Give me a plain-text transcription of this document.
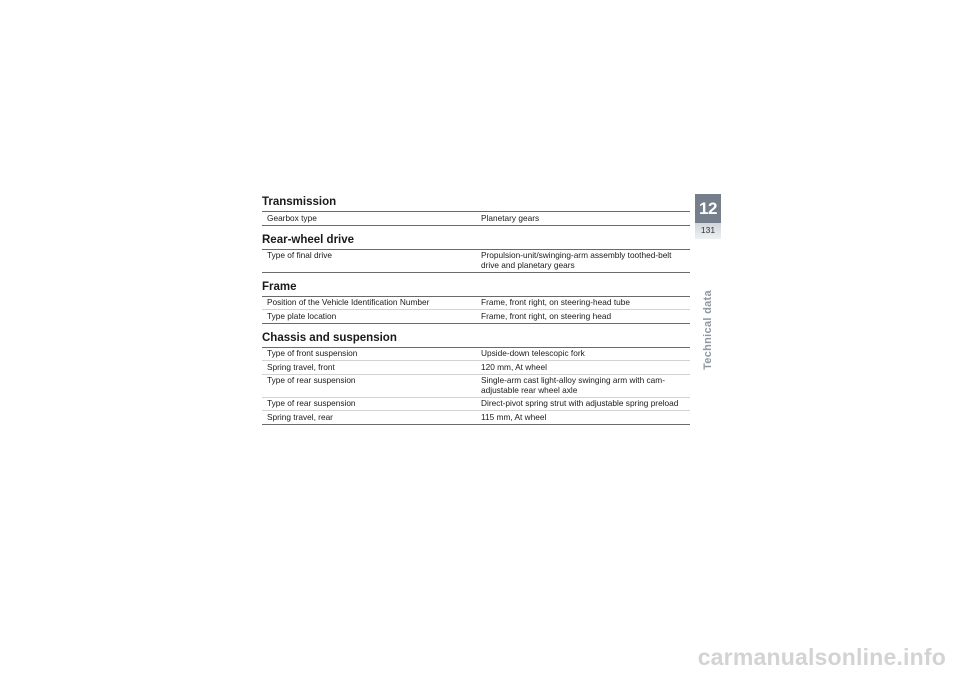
Transmission
Gearbox type	Planetary gears
Rear-wheel drive
Type of final drive	Propulsion-unit/swinging-arm assembly toothed-belt drive and planetary gears
Frame
Position of the Vehicle Identification Number	Frame, front right, on steering-head tube
Type plate location	Frame, front right, on steering head
Chassis and suspension
Type of front suspension	Upside-down telescopic fork
Spring travel, front	120 mm, At wheel
Type of rear suspension	Single-arm cast light-alloy swinging arm with cam-adjustable rear wheel axle
Type of rear suspension	Direct-pivot spring strut with adjustable spring preload
Spring travel, rear	115 mm, At wheel
12
131
Technical data
carmanualsonline.info
